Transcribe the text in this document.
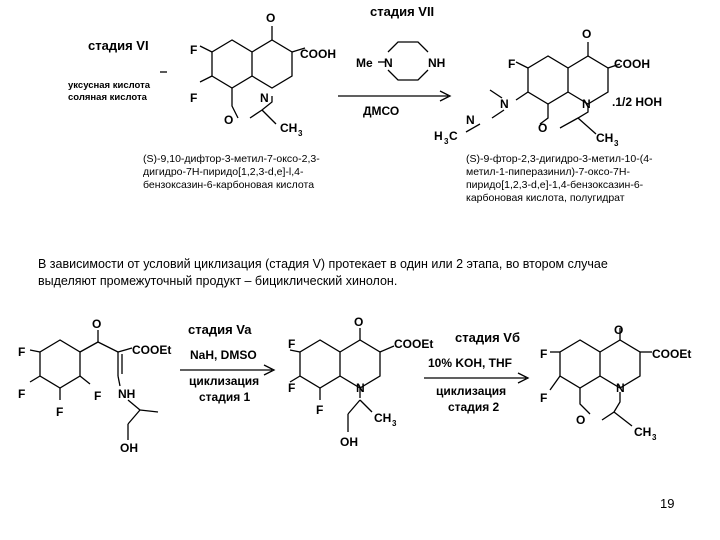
стадия VI
уксусная кислота
соляная кислота
стадия VII
ДМСО
O
COOH
F
F	N
O
CH 3
Me N	NH
O
COOH
F
N	N
O
CH 3
N
H 3 C
.1/2 HOH
(S)-9,10-дифтор-3-метил-7-оксо-2,3-дигидро-7H-пиридо[1,2,3-d,e]-l,4-бензоксазин-6-карбоновая кислота
(S)-9-фтор-2,3-дигидро-3-метил-10-(4-метил-1-пиперазинил)-7-оксо-7H-пиридо[1,2,3-d,e]-1,4-бензоксазин-6-карбоновая кислота, полугидрат
В зависимости от условий циклизация (стадия V) протекает в один или 2 этапа, во втором случае выделяют промежуточный продукт – бициклический хинолон.
стадия Va
NaH, DMSO
циклизация
стадия 1
стадия Vб
10% KOH, THF
циклизация
стадия 2
O
COOEt
F
F
F
F NH
OH
O
COOEt
F
F
F
N
CH 3
OH
O
COOEt
F
F
N
O
CH 3
19
